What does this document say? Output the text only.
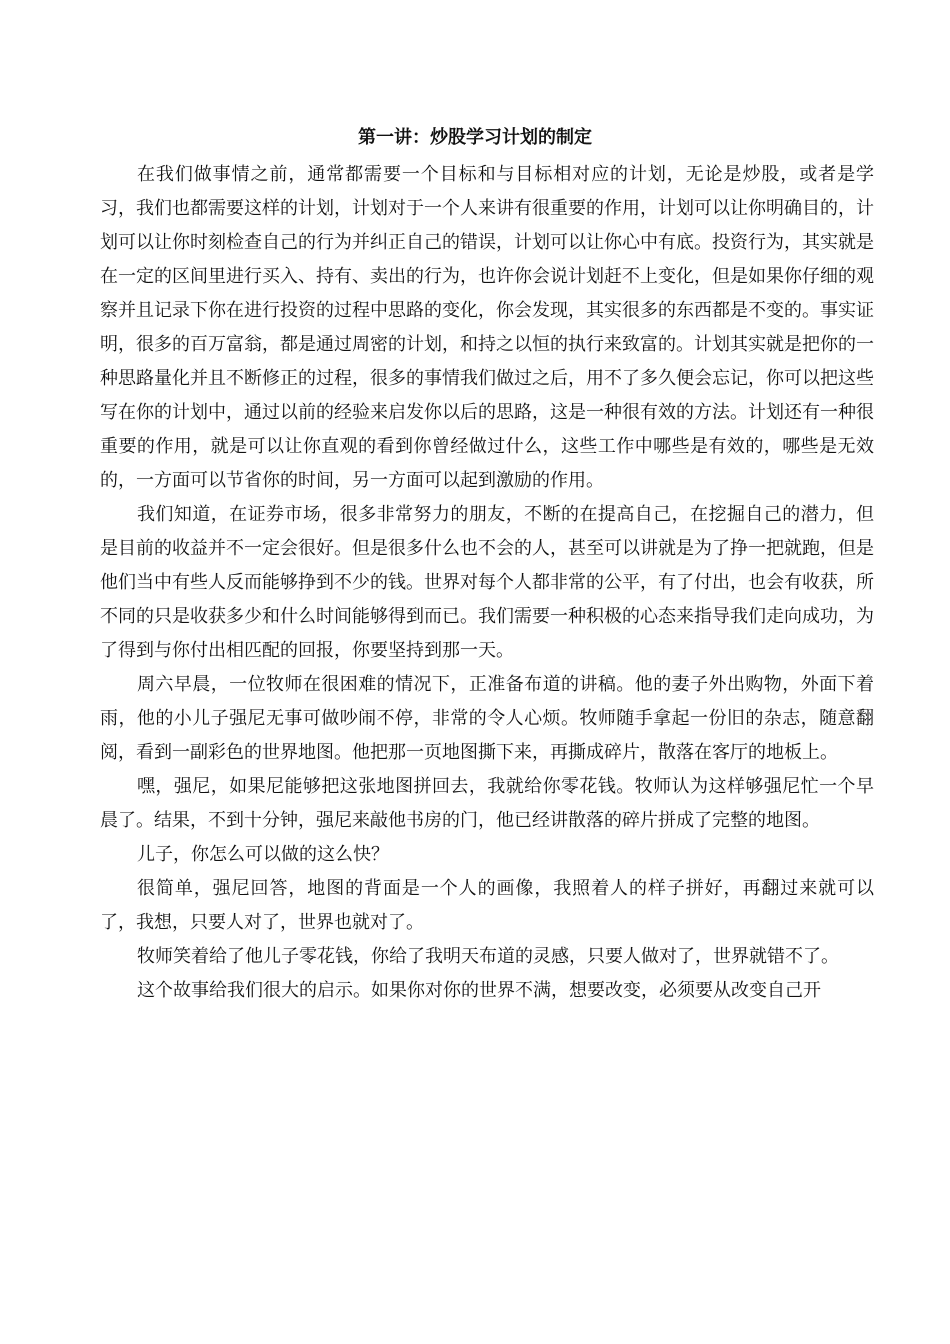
第一讲：炒股学习计划的制定

在我们做事情之前，通常都需要一个目标和与目标相对应的计划，无论是炒股，或者是学习，我们也都需要这样的计划，计划对于一个人来讲有很重要的作用，计划可以让你明确目的，计划可以让你时刻检查自己的行为并纠正自己的错误，计划可以让你心中有底。投资行为，其实就是在一定的区间里进行买入、持有、卖出的行为，也许你会说计划赶不上变化，但是如果你仔细的观察并且记录下你在进行投资的过程中思路的变化，你会发现，其实很多的东西都是不变的。事实证明，很多的百万富翁，都是通过周密的计划，和持之以恒的执行来致富的。计划其实就是把你的一种思路量化并且不断修正的过程，很多的事情我们做过之后，用不了多久便会忘记，你可以把这些写在你的计划中，通过以前的经验来启发你以后的思路，这是一种很有效的方法。计划还有一种很重要的作用，就是可以让你直观的看到你曾经做过什么，这些工作中哪些是有效的，哪些是无效的，一方面可以节省你的时间，另一方面可以起到激励的作用。

我们知道，在证券市场，很多非常努力的朋友，不断的在提高自己，在挖掘自己的潜力，但是目前的收益并不一定会很好。但是很多什么也不会的人，甚至可以讲就是为了挣一把就跑，但是他们当中有些人反而能够挣到不少的钱。世界对每个人都非常的公平，有了付出，也会有收获，所不同的只是收获多少和什么时间能够得到而已。我们需要一种积极的心态来指导我们走向成功，为了得到与你付出相匹配的回报，你要坚持到那一天。

周六早晨，一位牧师在很困难的情况下，正准备布道的讲稿。他的妻子外出购物，外面下着雨，他的小儿子强尼无事可做吵闹不停，非常的令人心烦。牧师随手拿起一份旧的杂志，随意翻阅，看到一副彩色的世界地图。他把那一页地图撕下来，再撕成碎片，散落在客厅的地板上。

嘿，强尼，如果尼能够把这张地图拼回去，我就给你零花钱。牧师认为这样够强尼忙一个早晨了。结果，不到十分钟，强尼来敲他书房的门，他已经讲散落的碎片拼成了完整的地图。

儿子，你怎么可以做的这么快？

很简单，强尼回答，地图的背面是一个人的画像，我照着人的样子拼好，再翻过来就可以了，我想，只要人对了，世界也就对了。

牧师笑着给了他儿子零花钱，你给了我明天布道的灵感，只要人做对了，世界就错不了。

这个故事给我们很大的启示。如果你对你的世界不满，想要改变，必须要从改变自己开
